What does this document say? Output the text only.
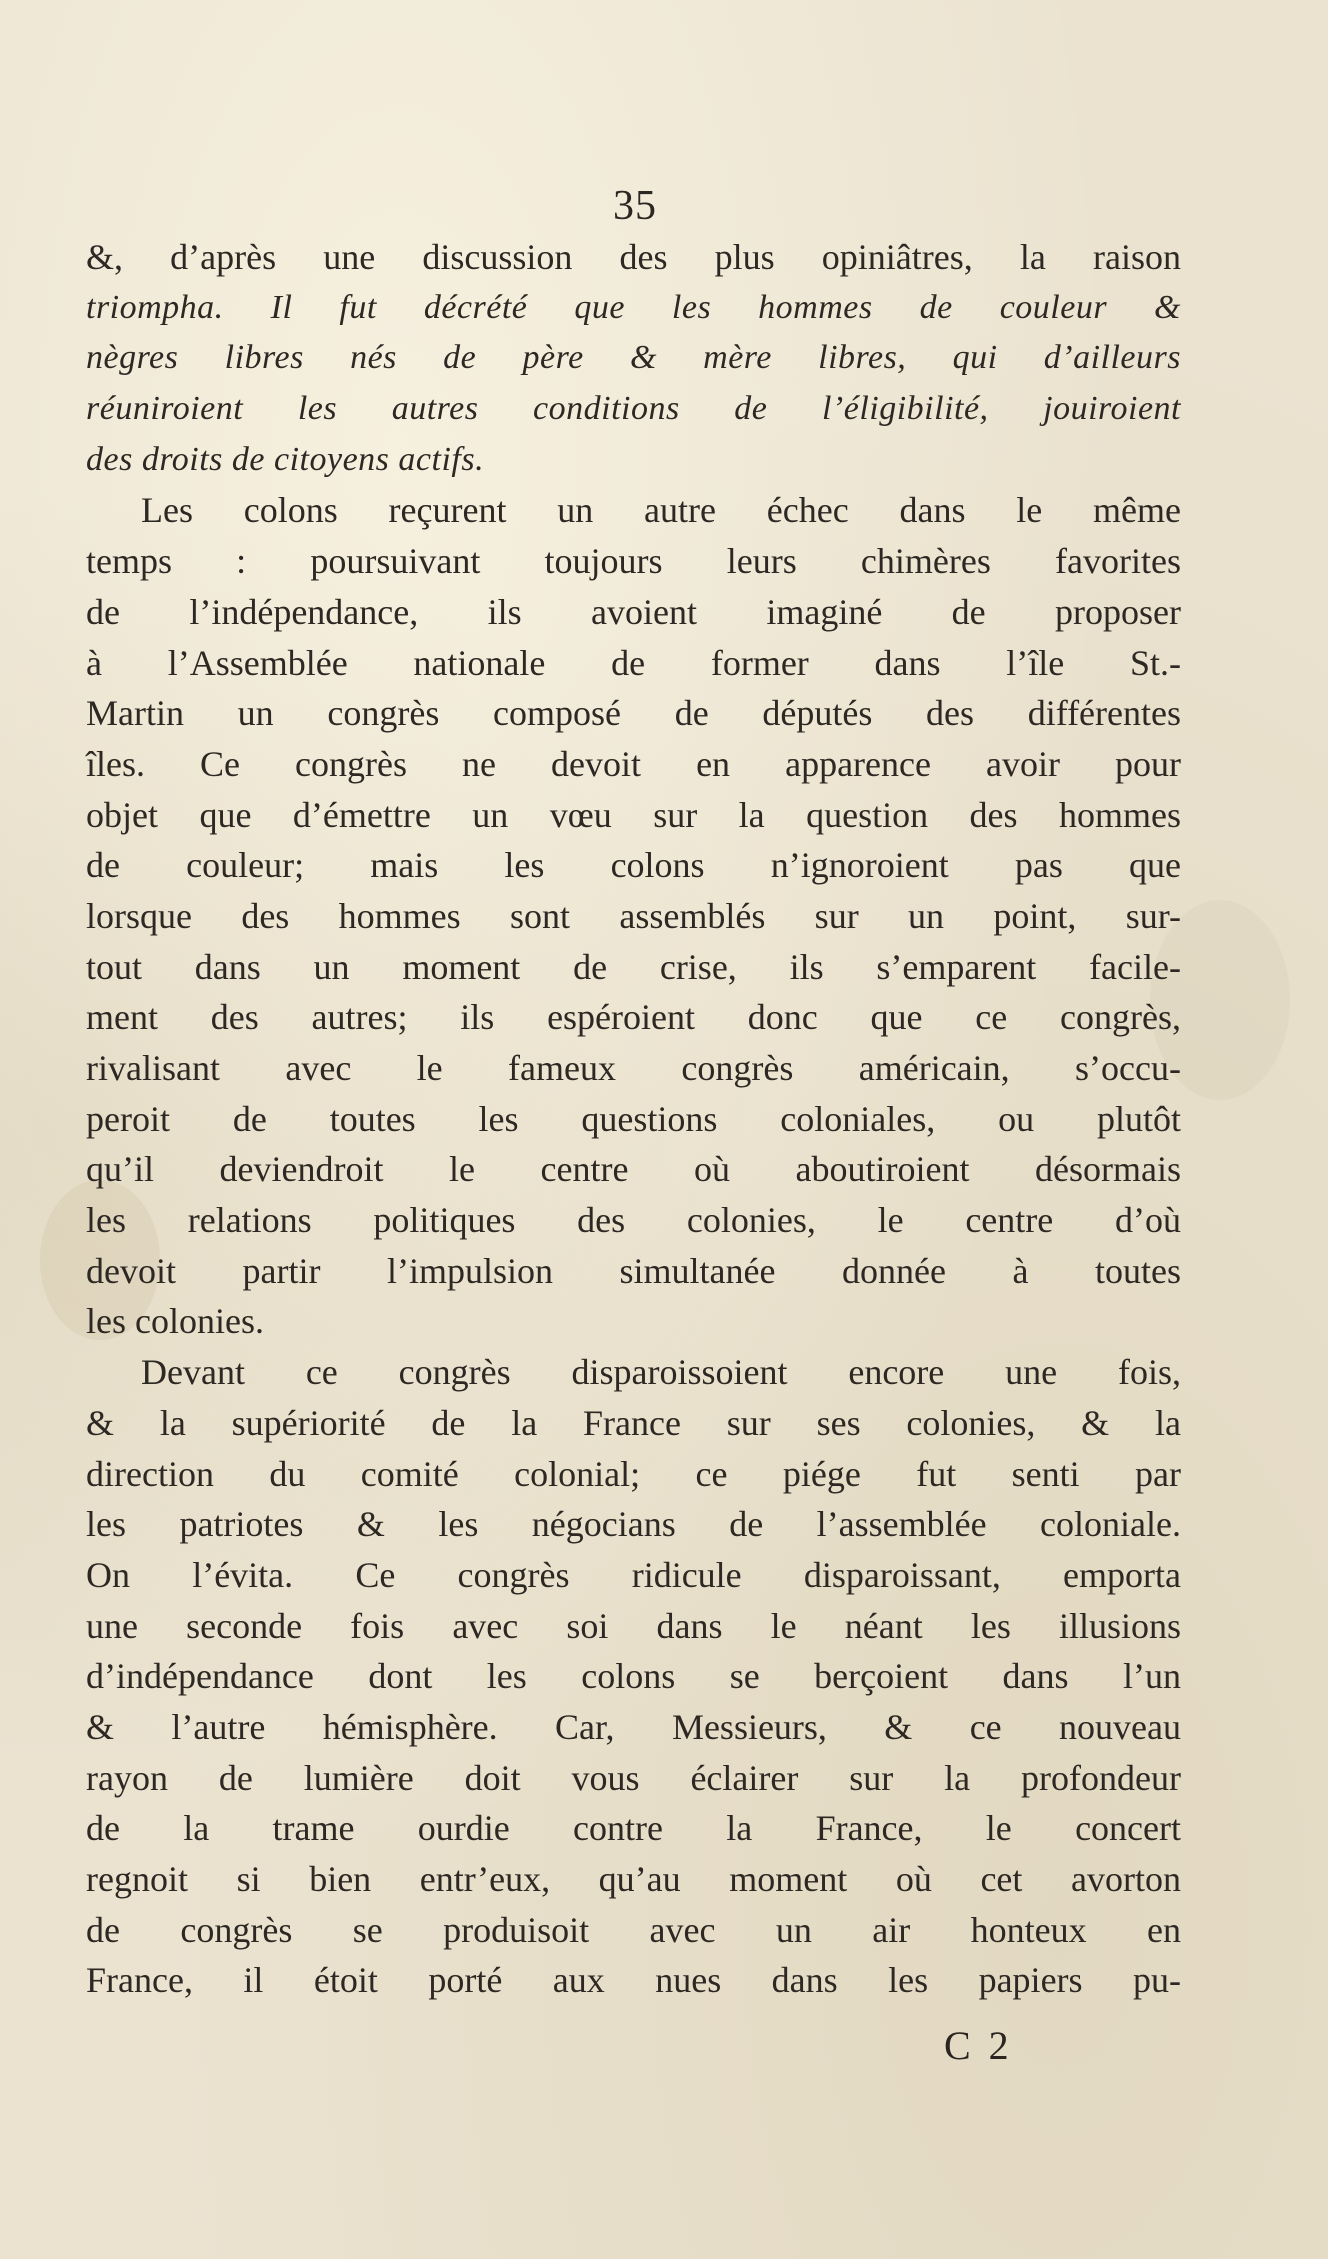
35
&, d’après une discussion des plus opiniâtres, la raison
triompha. Il fut décrété que les hommes de couleur &
nègres libres nés de père & mère libres, qui d’ailleurs
réuniroient les autres conditions de l’éligibilité, jouiroient
des droits de citoyens actifs.
Les colons reçurent un autre échec dans le même
temps : poursuivant toujours leurs chimères favorites
de l’indépendance, ils avoient imaginé de proposer
à l’Assemblée nationale de former dans l’île St.-
Martin un congrès composé de députés des différentes
îles. Ce congrès ne devoit en apparence avoir pour
objet que d’émettre un vœu sur la question des hommes
de couleur; mais les colons n’ignoroient pas que
lorsque des hommes sont assemblés sur un point, sur-
tout dans un moment de crise, ils s’emparent facile-
ment des autres; ils espéroient donc que ce congrès,
rivalisant avec le fameux congrès américain, s’occu-
peroit de toutes les questions coloniales, ou plutôt
qu’il deviendroit le centre où aboutiroient désormais
les relations politiques des colonies, le centre d’où
devoit partir l’impulsion simultanée donnée à toutes
les colonies.
Devant ce congrès disparoissoient encore une fois,
& la supériorité de la France sur ses colonies, & la
direction du comité colonial; ce piége fut senti par
les patriotes & les négocians de l’assemblée coloniale.
On l’évita. Ce congrès ridicule disparoissant, emporta
une seconde fois avec soi dans le néant les illusions
d’indépendance dont les colons se berçoient dans l’un
& l’autre hémisphère. Car, Messieurs, & ce nouveau
rayon de lumière doit vous éclairer sur la profondeur
de la trame ourdie contre la France, le concert
regnoit si bien entr’eux, qu’au moment où cet avorton
de congrès se produisoit avec un air honteux en
France, il étoit porté aux nues dans les papiers pu-
C 2
